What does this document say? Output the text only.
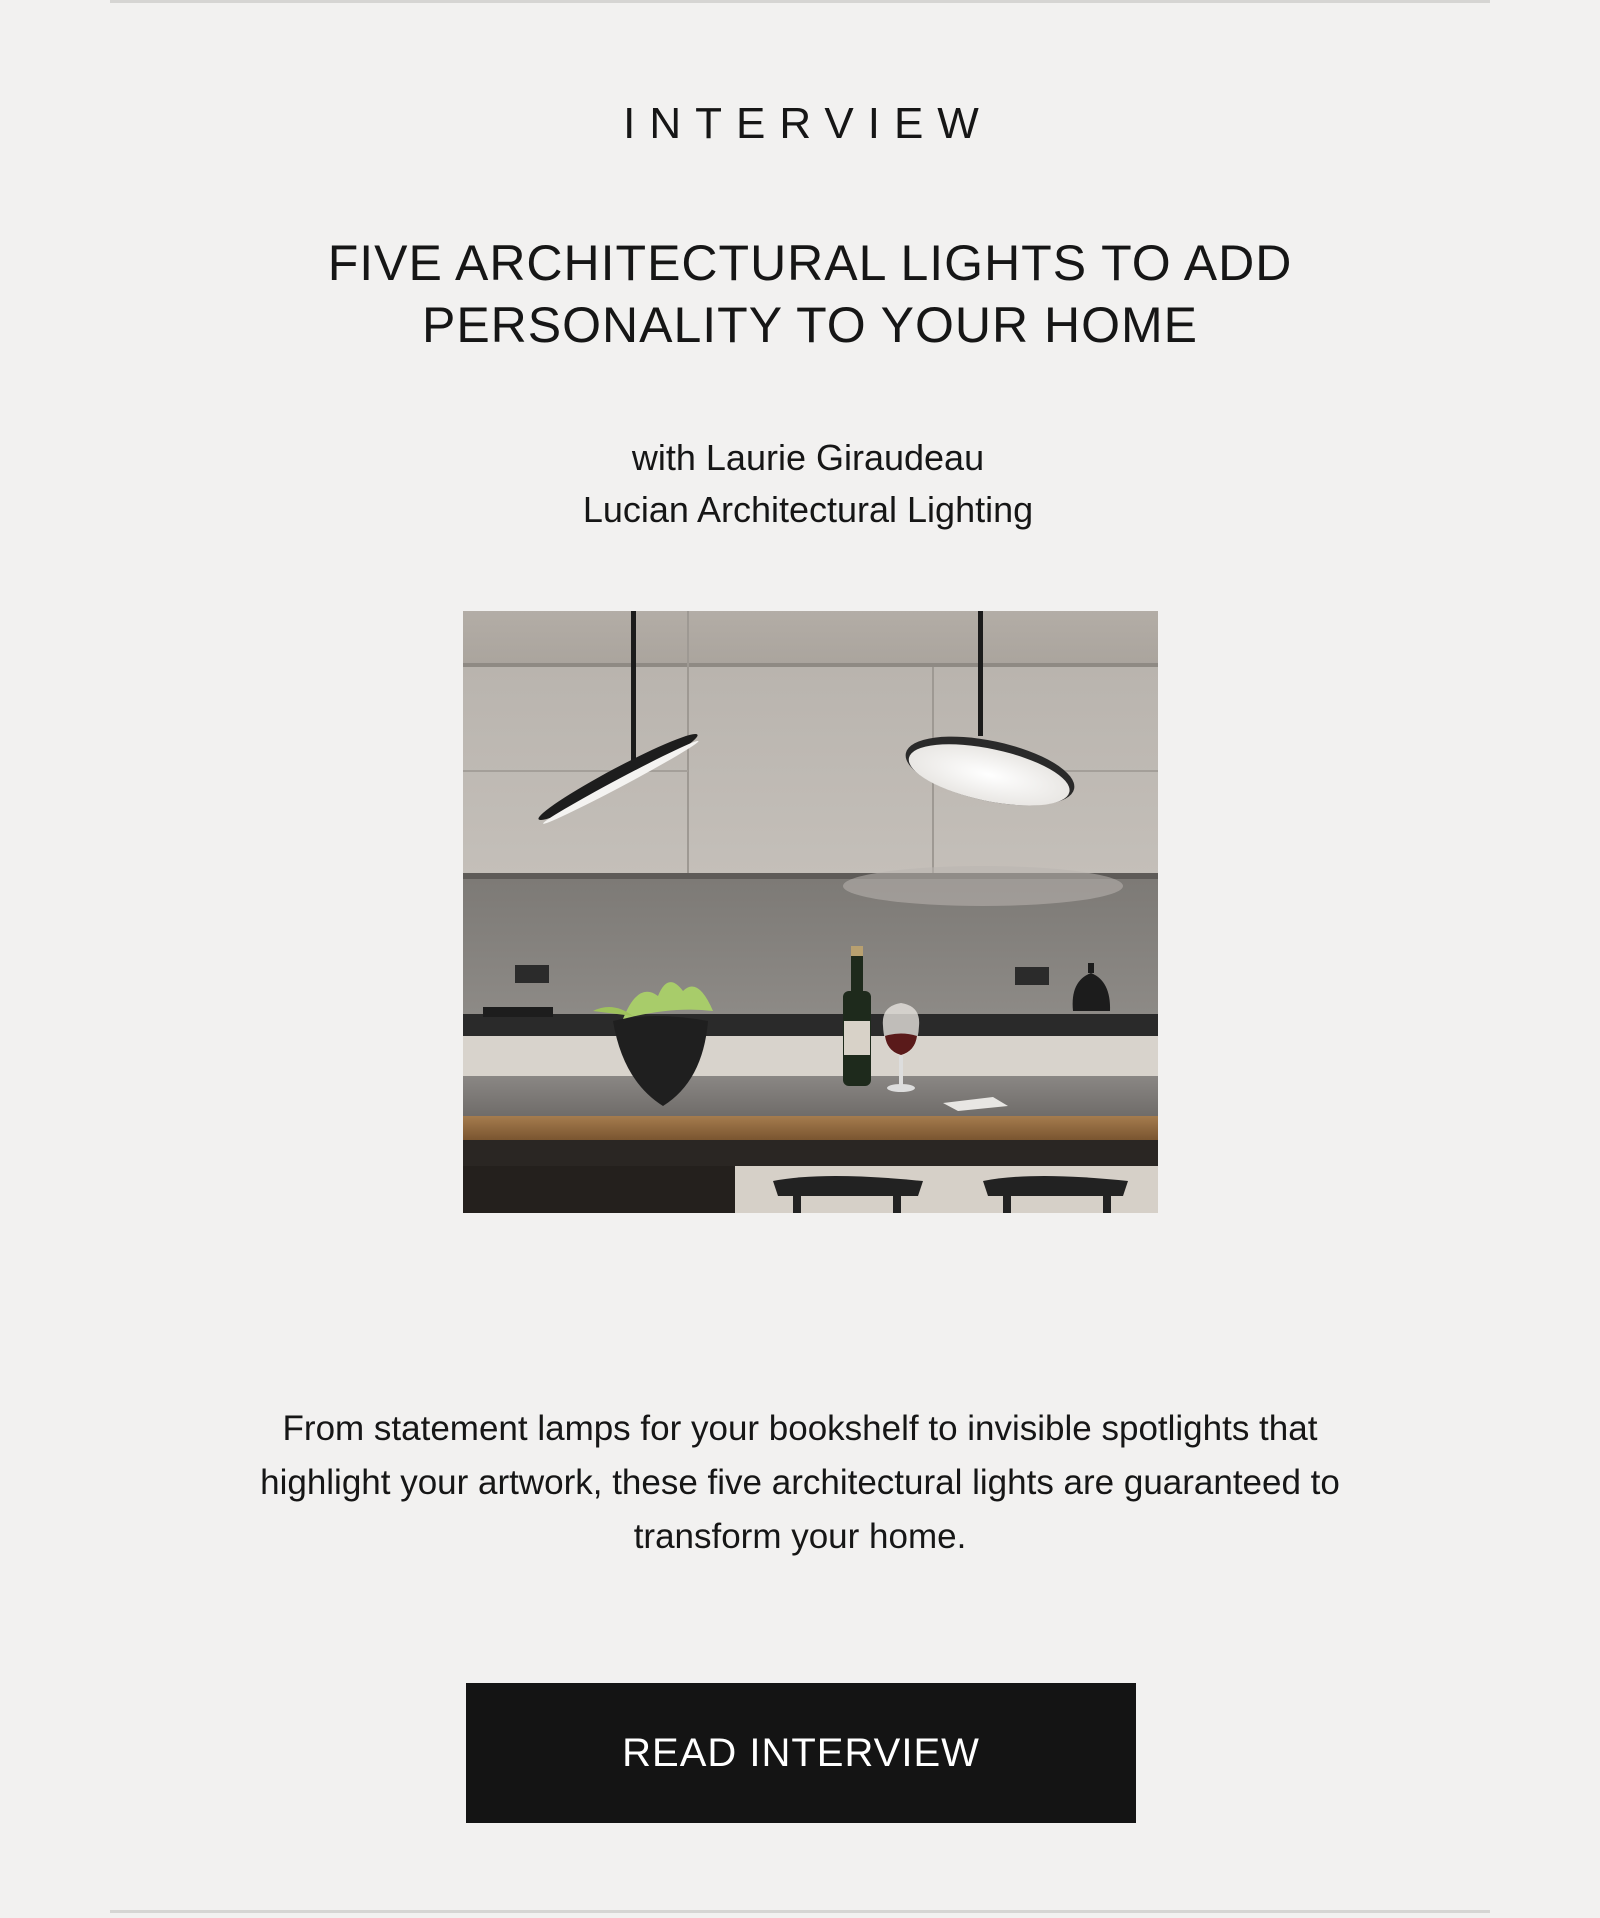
INTERVIEW
FIVE ARCHITECTURAL LIGHTS TO ADD PERSONALITY TO YOUR HOME
with Laurie Giraudeau
Lucian Architectural Lighting

From statement lamps for your bookshelf to invisible spotlights that highlight your artwork, these five architectural lights are guaranteed to transform your home.

READ INTERVIEW
